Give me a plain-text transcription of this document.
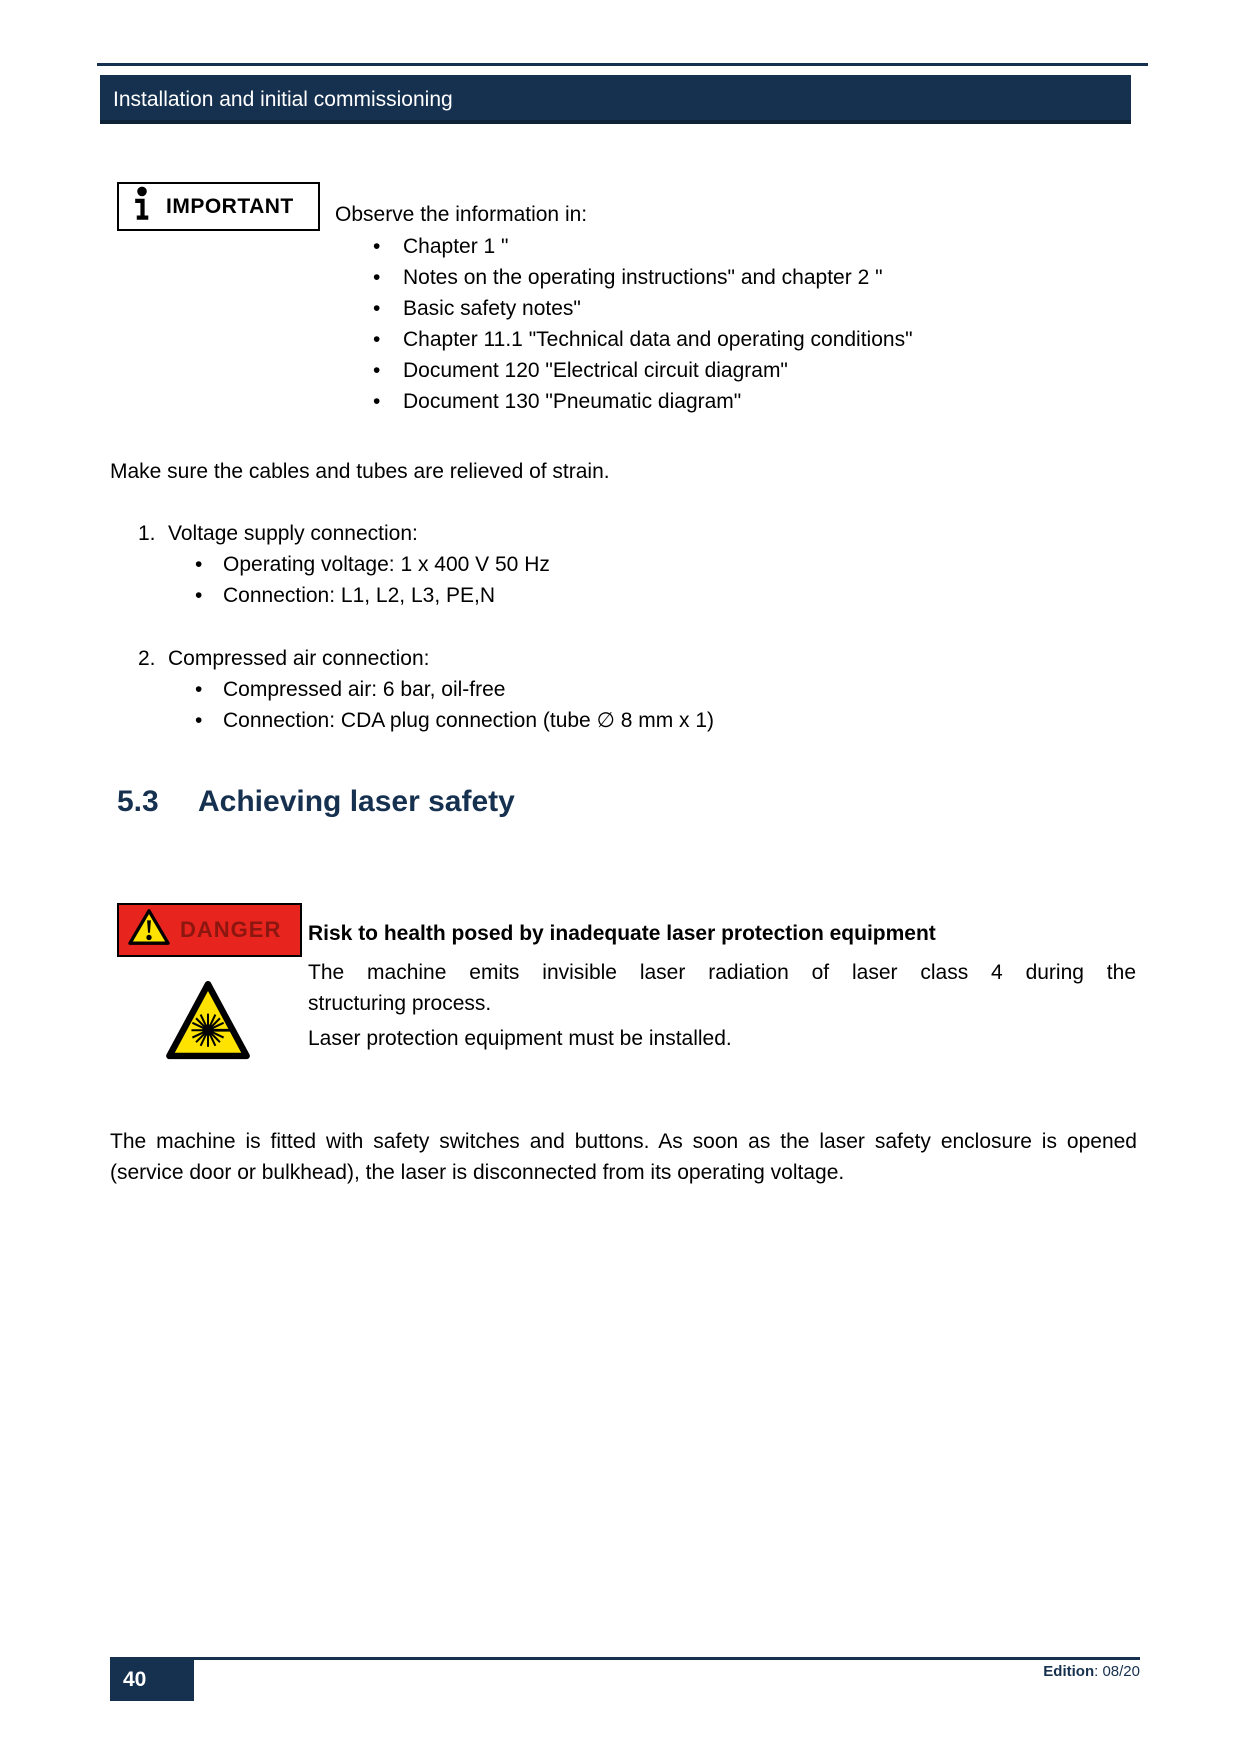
Installation and initial commissioning
IMPORTANT Observe the information in:
• Chapter 1 "
• Notes on the operating instructions" and chapter 2 "
• Basic safety notes"
• Chapter 11.1 "Technical data and operating conditions"
• Document 120 "Electrical circuit diagram"
• Document 130 "Pneumatic diagram"
Make sure the cables and tubes are relieved of strain.
1. Voltage supply connection:
• Operating voltage: 1 x 400 V 50 Hz
• Connection: L1, L2, L3, PE,N
2. Compressed air connection:
• Compressed air: 6 bar, oil-free
• Connection: CDA plug connection (tube ∅ 8 mm x 1)
5.3	Achieving laser safety
DANGER Risk to health posed by inadequate laser protection equipment
The machine emits invisible laser radiation of laser class 4 during the
structuring process.
Laser protection equipment must be installed.
The machine is fitted with safety switches and buttons. As soon as the laser safety enclosure is opened (service door or bulkhead), the laser is disconnected from its operating voltage.
40	Edition: 08/20
